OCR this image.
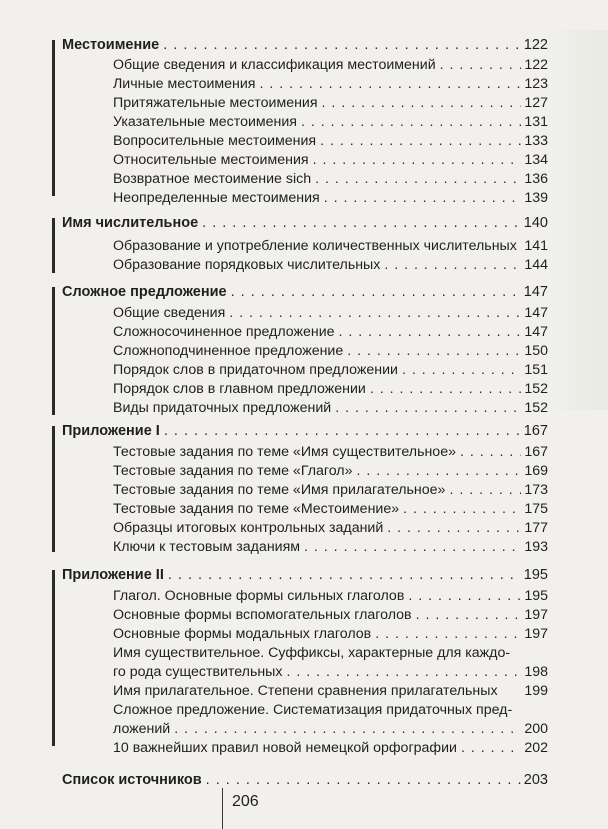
Местоимение . . .	122
Общие сведения и классификация местоимений . . .	122
Личные местоимения . . .	123
Притяжательные местоимения . . .	127
Указательные местоимения . . .	131
Вопросительные местоимения . . .	133
Относительные местоимения . . .	134
Возвратное местоимение sich . . .	136
Неопределенные местоимения . . .	139
Имя числительное . . .	140
Образование и употребление количественных числительных 141
Образование порядковых числительных . . .	144
Сложное предложение . . .	147
Общие сведения . . .	147
Сложносочиненное предложение . . .	147
Сложноподчиненное предложение . . .	150
Порядок слов в придаточном предложении . . .	151
Порядок слов в главном предложении . . .	152
Виды придаточных предложений . . .	152
Приложение I . . .	167
Тестовые задания по теме «Имя существительное» . . .	167
Тестовые задания по теме «Глагол» . . .	169
Тестовые задания по теме «Имя прилагательное» . . .	173
Тестовые задания по теме «Местоимение» . . .	175
Образцы итоговых контрольных заданий . . .	177
Ключи к тестовым заданиям . . .	193
Приложение II . . .	195
Глагол. Основные формы сильных глаголов . . .	195
Основные формы вспомогательных глаголов . . .	197
Основные формы модальных глаголов . . .	197
Имя существительное. Суффиксы, характерные для каждо-
го рода существительных . . .	198
Имя прилагательное. Степени сравнения прилагательных 199
Сложное предложение. Систематизация придаточных пред-
ложений . . .	200
10 важнейших правил новой немецкой орфографии . . .	202
Список источников . . .	203
206
